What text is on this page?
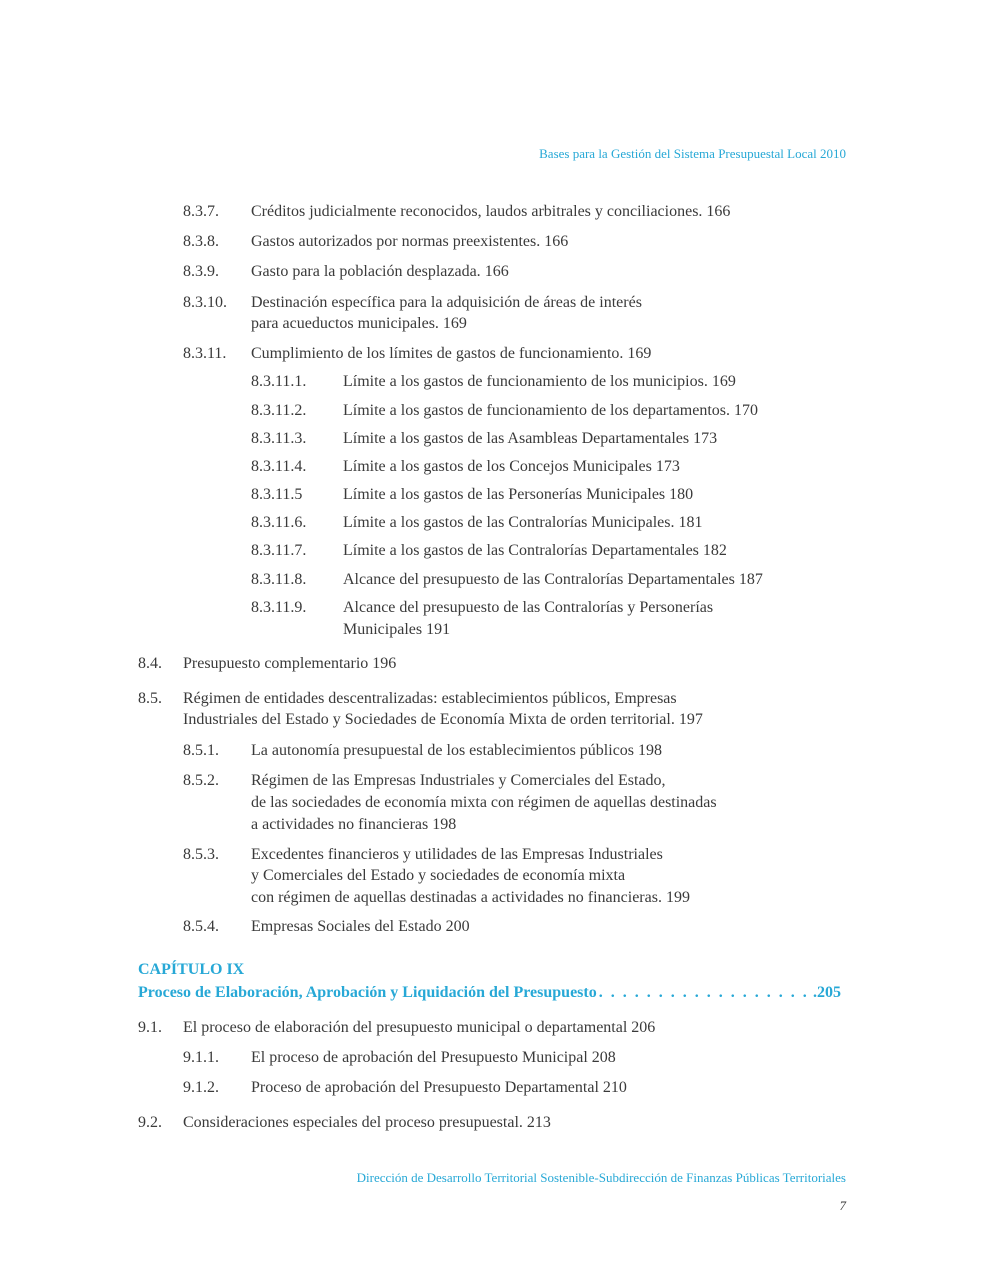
Bases para la Gestión del Sistema Presupuestal Local 2010
8.3.7. Créditos judicialmente reconocidos, laudos arbitrales y conciliaciones. 166
8.3.8. Gastos autorizados por normas preexistentes. 166
8.3.9. Gasto para la población desplazada. 166
8.3.10. Destinación específica para la adquisición de áreas de interés
para acueductos municipales. 169
8.3.11. Cumplimiento de los límites de gastos de funcionamiento. 169
8.3.11.1. Límite a los gastos de funcionamiento de los municipios. 169
8.3.11.2. Límite a los gastos de funcionamiento de los departamentos. 170
8.3.11.3. Límite a los gastos de las Asambleas Departamentales 173
8.3.11.4. Límite a los gastos de los Concejos Municipales 173
8.3.11.5	Límite a los gastos de las Personerías Municipales 180
8.3.11.6. Límite a los gastos de las Contralorías Municipales. 181
8.3.11.7. Límite a los gastos de las Contralorías Departamentales 182
8.3.11.8. Alcance del presupuesto de las Contralorías Departamentales 187
8.3.11.9. Alcance del presupuesto de las Contralorías y Personerías
Municipales 191
8.4. Presupuesto complementario 196
8.5. Régimen de entidades descentralizadas: establecimientos públicos, Empresas
Industriales del Estado y Sociedades de Economía Mixta de orden territorial. 197
8.5.1. La autonomía presupuestal de los establecimientos públicos 198
8.5.2. Régimen de las Empresas Industriales y Comerciales del Estado,
de las sociedades de economía mixta con régimen de aquellas destinadas
a actividades no financieras 198
8.5.3. Excedentes financieros y utilidades de las Empresas Industriales
y Comerciales del Estado y sociedades de economía mixta
con régimen de aquellas destinadas a actividades no financieras. 199
8.5.4. Empresas Sociales del Estado 200
CAPÍTULO IX
Proceso de Elaboración, Aprobación y Liquidación del Presupuesto
. . .	.205
9.1. El proceso de elaboración del presupuesto municipal o departamental 206
9.1.1. El proceso de aprobación del Presupuesto Municipal 208
9.1.2. Proceso de aprobación del Presupuesto Departamental 210
9.2. Consideraciones especiales del proceso presupuestal. 213
Dirección de Desarrollo Territorial Sostenible-Subdirección de Finanzas Públicas Territoriales
7
